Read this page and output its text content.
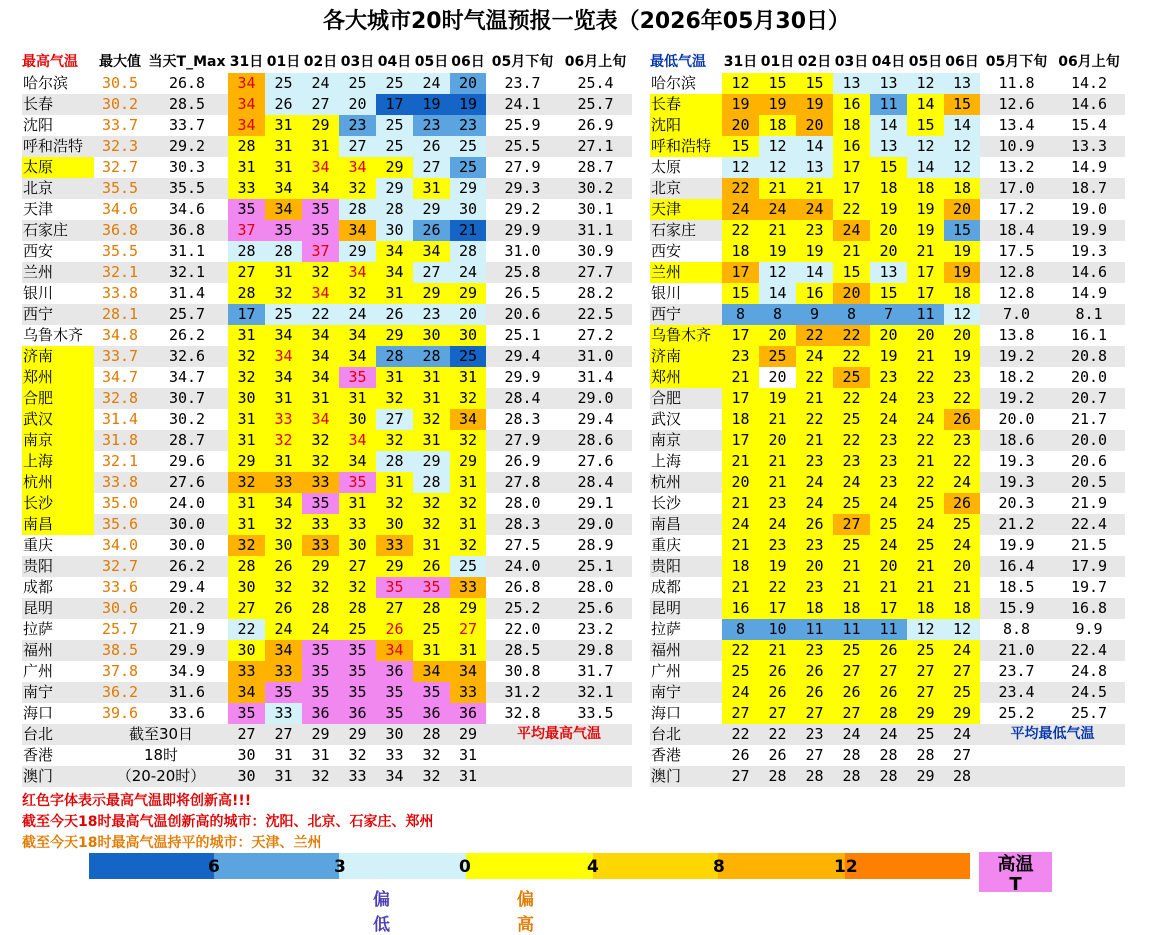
各大城市20时气温预报一览表（2026年05月30日）
最高气温	最大值	当天T_Max	31日	01日	02日	03日	04日	05日	06日	05月下旬	06月上旬
哈尔滨	30.5	26.8	34	25	24	25	25	24	20	23.7	25.4
长春	30.2	28.5	34	26	27	20	17	19	19	24.1	25.7
沈阳	33.7	33.7	34	31	29	23	25	23	23	25.9	26.9
呼和浩特	32.3	29.2	28	31	31	27	25	26	25	25.5	27.1
太原	32.7	30.3	31	31	34	34	29	27	25	27.9	28.7
北京	35.5	35.5	33	34	34	32	29	31	29	29.3	30.2
天津	34.6	34.6	35	34	35	28	28	29	30	29.2	30.1
石家庄	36.8	36.8	37	35	35	34	30	26	21	29.9	31.1
西安	35.5	31.1	28	28	37	29	34	34	28	31.0	30.9
兰州	32.1	32.1	27	31	32	34	34	27	24	25.8	27.7
银川	33.8	31.4	28	32	34	32	31	29	29	26.5	28.2
西宁	28.1	25.7	17	25	22	24	26	23	20	20.6	22.5
乌鲁木齐	34.8	26.2	31	34	34	34	29	30	30	25.1	27.2
济南	33.7	32.6	32	34	34	34	28	28	25	29.4	31.0
郑州	34.7	34.7	32	34	34	35	31	31	31	29.9	31.4
合肥	32.8	30.7	30	31	31	31	32	31	32	28.4	29.0
武汉	31.4	30.2	31	33	34	30	27	32	34	28.3	29.4
南京	31.8	28.7	31	32	32	34	32	31	32	27.9	28.6
上海	32.1	29.6	29	31	32	34	28	29	29	26.9	27.6
杭州	33.8	27.6	32	33	33	35	31	28	31	27.8	28.4
长沙	35.0	24.0	31	34	35	31	32	32	32	28.0	29.1
南昌	35.6	30.0	31	32	33	33	30	32	31	28.3	29.0
重庆	34.0	30.0	32	30	33	30	33	31	32	27.5	28.9
贵阳	32.7	26.2	28	26	29	27	29	26	25	24.0	25.1
成都	33.6	29.4	30	32	32	32	35	35	33	26.8	28.0
昆明	30.6	20.2	27	26	28	28	27	28	29	25.2	25.6
拉萨	25.7	21.9	22	24	24	25	26	25	27	22.0	23.2
福州	38.5	29.9	30	34	35	35	34	31	31	28.5	29.8
广州	37.8	34.9	33	33	35	35	36	34	34	30.8	31.7
南宁	36.2	31.6	34	35	35	35	35	35	33	31.2	32.1
海口	39.6	33.6	35	33	36	36	35	36	36	32.8	33.5
台北	截至30日		27	27	29	29	30	28	29	平均最高气温	
香港	18时		30	31	31	32	33	32	31		
澳门	（20-20时）		30	31	32	33	34	32	31		
最低气温	31日	01日	02日	03日	04日	05日	06日	05月下旬	06月上旬
哈尔滨	12	15	15	13	13	12	13	11.8	14.2
长春	19	19	19	16	11	14	15	12.6	14.6
沈阳	20	18	20	18	14	15	14	13.4	15.4
呼和浩特	15	12	14	16	13	12	12	10.9	13.3
太原	12	12	13	17	15	14	12	13.2	14.9
北京	22	21	21	17	18	18	18	17.0	18.7
天津	24	24	24	22	19	19	20	17.2	19.0
石家庄	22	21	23	24	20	19	15	18.4	19.9
西安	18	19	19	21	20	21	19	17.5	19.3
兰州	17	12	14	15	13	17	19	12.8	14.6
银川	15	14	16	20	15	17	18	12.8	14.9
西宁	8	8	9	8	7	11	12	7.0	8.1
乌鲁木齐	17	20	22	22	20	20	20	13.8	16.1
济南	23	25	24	22	19	21	19	19.2	20.8
郑州	21	20	22	25	23	22	23	18.2	20.0
合肥	17	19	21	22	24	23	22	19.2	20.7
武汉	18	21	22	25	24	24	26	20.0	21.7
南京	17	20	21	22	23	22	23	18.6	20.0
上海	21	21	23	23	23	21	22	19.3	20.6
杭州	20	21	24	24	23	22	24	19.3	20.5
长沙	21	23	24	25	24	25	26	20.3	21.9
南昌	24	24	26	27	25	24	25	21.2	22.4
重庆	21	23	23	25	24	25	24	19.9	21.5
贵阳	18	19	20	21	20	21	20	16.4	17.9
成都	21	22	23	21	21	21	21	18.5	19.7
昆明	16	17	18	18	17	18	18	15.9	16.8
拉萨	8	10	11	11	11	12	12	8.8	9.9
福州	22	21	23	25	26	25	24	21.0	22.4
广州	25	26	26	27	27	27	27	23.7	24.8
南宁	24	26	26	26	26	27	25	23.4	24.5
海口	27	27	27	27	28	29	29	25.2	25.7
台北	22	22	23	24	24	25	24	平均最低气温	
香港	26	26	27	28	28	28	27		
澳门	27	28	28	28	28	29	28		
红色字体表示最高气温即将创新高!!!
截至今天18时最高气温创新高的城市：沈阳、北京、石家庄、郑州
截至今天18时最高气温持平的城市：天津、兰州
6	3	0	4	8	12
偏低
偏高
高温
T
